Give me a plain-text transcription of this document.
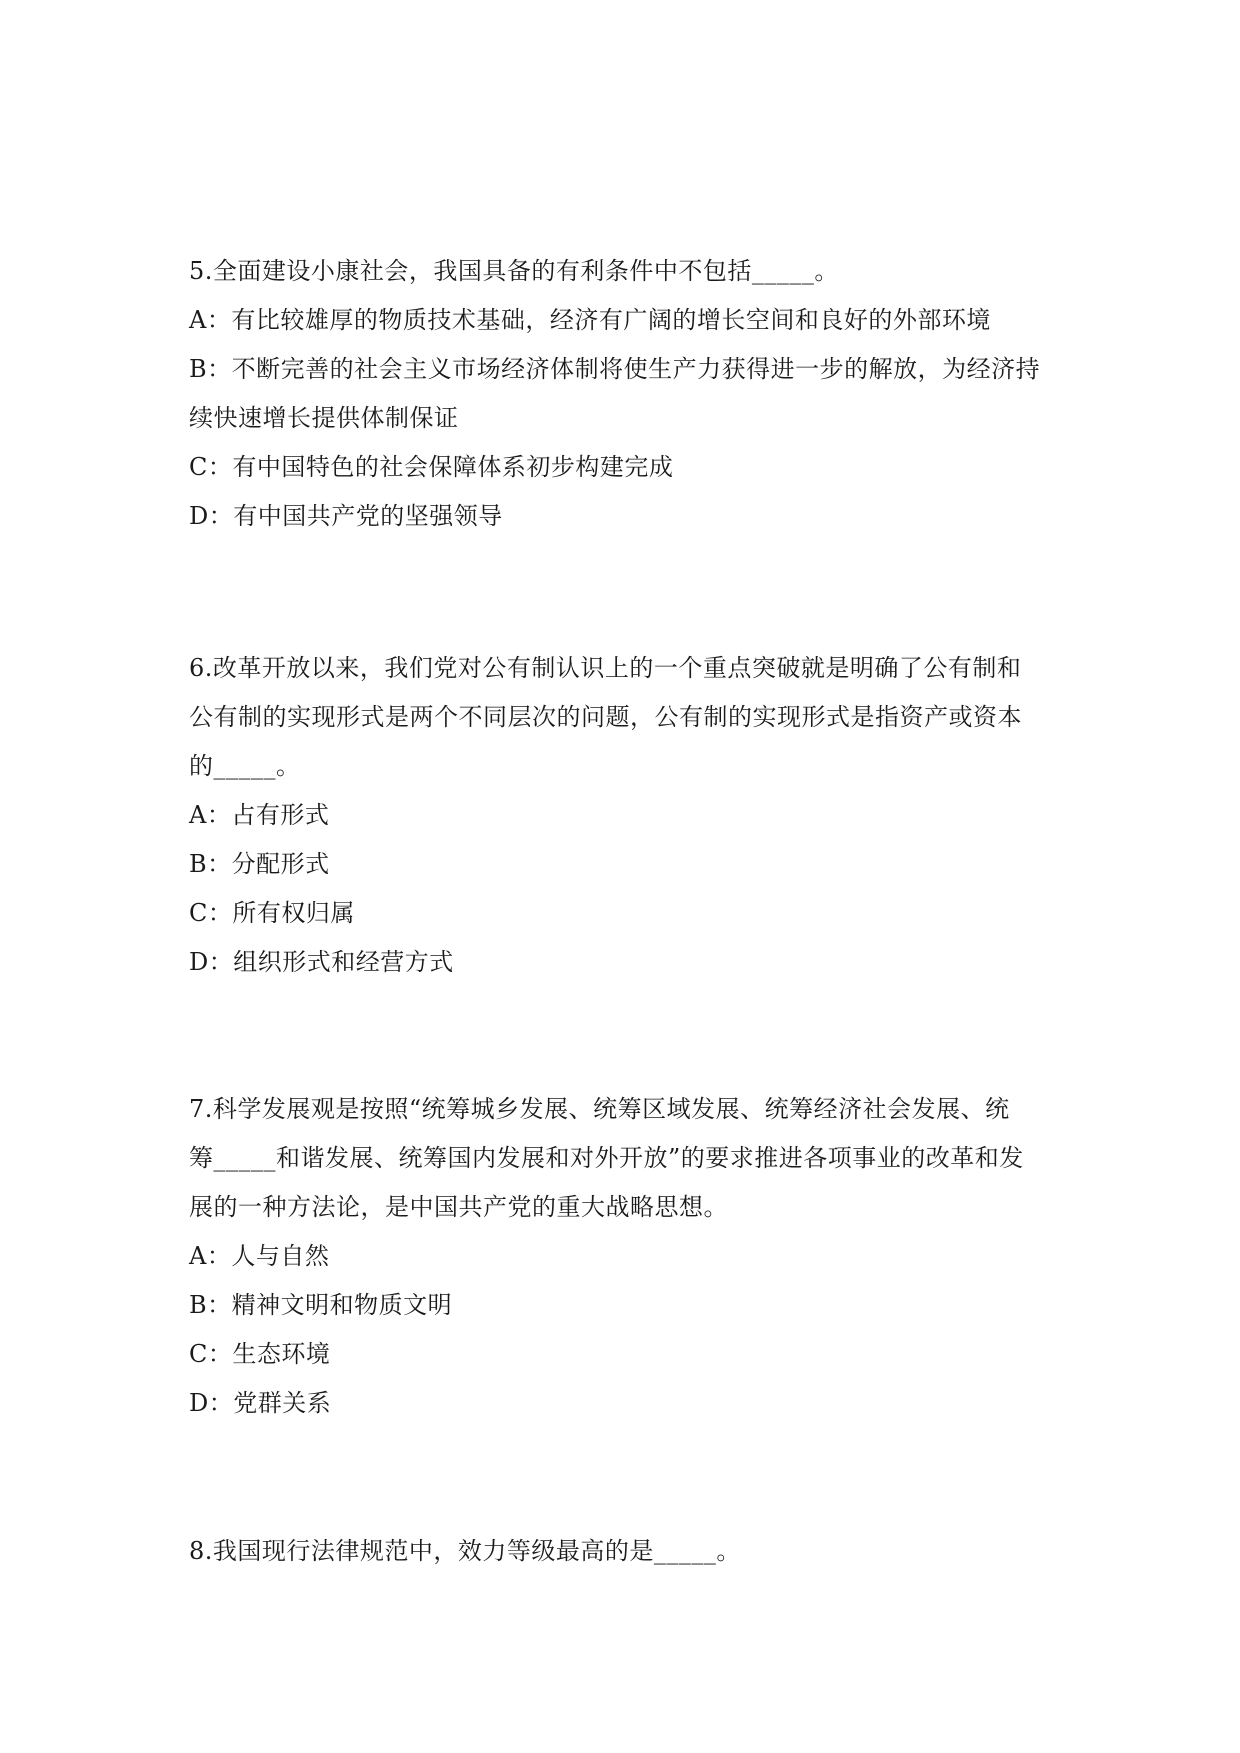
5.全面建设小康社会，我国具备的有利条件中不包括_____。
A：有比较雄厚的物质技术基础，经济有广阔的增长空间和良好的外部环境
B：不断完善的社会主义市场经济体制将使生产力获得进一步的解放，为经济持
续快速增长提供体制保证
C：有中国特色的社会保障体系初步构建完成
D：有中国共产党的坚强领导
6.改革开放以来，我们党对公有制认识上的一个重点突破就是明确了公有制和
公有制的实现形式是两个不同层次的问题，公有制的实现形式是指资产或资本
的_____。
A：占有形式
B：分配形式
C：所有权归属
D：组织形式和经营方式
7.科学发展观是按照“统筹城乡发展、统筹区域发展、统筹经济社会发展、统
筹_____和谐发展、统筹国内发展和对外开放”的要求推进各项事业的改革和发
展的一种方法论，是中国共产党的重大战略思想。
A：人与自然
B：精神文明和物质文明
C：生态环境
D：党群关系
8.我国现行法律规范中，效力等级最高的是_____。
